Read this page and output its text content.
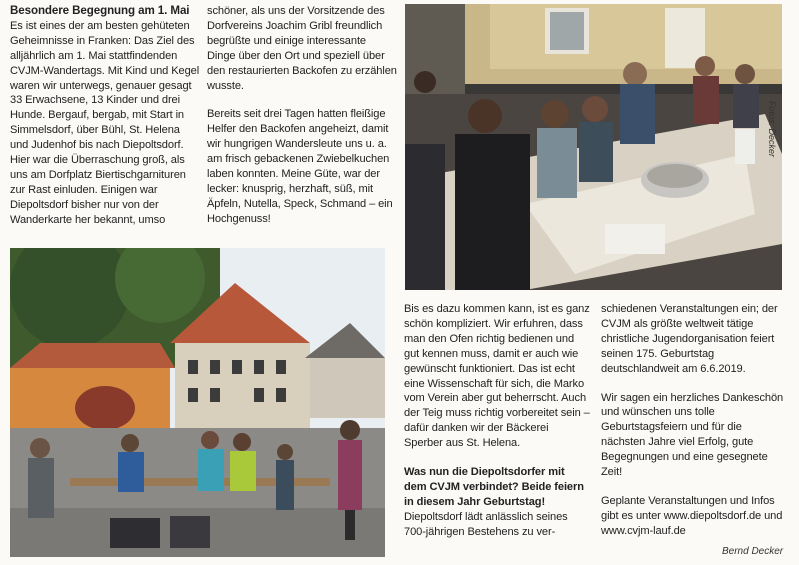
Besondere Begegnung am 1. Mai

Es ist eines der am besten gehüteten Geheimnisse in Franken: Das Ziel des alljährlich am 1. Mai stattfindenden CVJM-Wandertags. Mit Kind und Kegel waren wir unterwegs, genauer gesagt 33 Erwachsene, 13 Kinder und drei Hunde. Bergauf, bergab, mit Start in Simmelsdorf, über Bühl, St. Helena und Judenhof bis nach Diepoltsdorf. Hier war die Überraschung groß, als uns am Dorfplatz Biertischgarnituren zur Rast einluden. Einigen war Diepoltsdorf bisher nur von der Wanderkarte her bekannt, umso

schöner, als uns der Vorsitzende des Dorfvereins Joachim Gribl freundlich begrüßte und einige interessante Dinge über den Ort und speziell über den restaurierten Backofen zu erzählen wusste.

Bereits seit drei Tagen hatten fleißige Helfer den Backofen angeheizt, damit wir hungrigen Wandersleute uns u. a. am frisch gebackenen Zwiebelkuchen laben konnten. Meine Güte, war der lecker: knusprig, herzhaft, süß, mit Äpfeln, Nutella, Speck, Schmand – ein Hochgenuss!

Fotos: Decker

Bis es dazu kommen kann, ist es ganz schön kompliziert. Wir erfuhren, dass man den Ofen richtig bedienen und gut kennen muss, damit er auch wie gewünscht funktioniert. Das ist echt eine Wissenschaft für sich, die Marko vom Verein aber gut beherrscht. Auch der Teig muss richtig vorbereitet sein – dafür danken wir der Bäckerei Sperber aus St. Helena.

Was nun die Diepoltsdorfer mit dem CVJM verbindet? Beide feiern in diesem Jahr Geburtstag!

Diepoltsdorf lädt anlässlich seines 700-jährigen Bestehens zu ver-

schiedenen Veranstaltungen ein; der CVJM als größte weltweit tätige christliche Jugendorganisation feiert seinen 175. Geburtstag deutschlandweit am 6.6.2019.

Wir sagen ein herzliches Dankeschön und wünschen uns tolle Geburtstagsfeiern und für die nächsten Jahre viel Erfolg, gute Begegnungen und eine gesegnete Zeit!

Geplante Veranstaltungen und Infos gibt es unter www.diepoltsdorf.de und www.cvjm-lauf.de

Bernd Decker
